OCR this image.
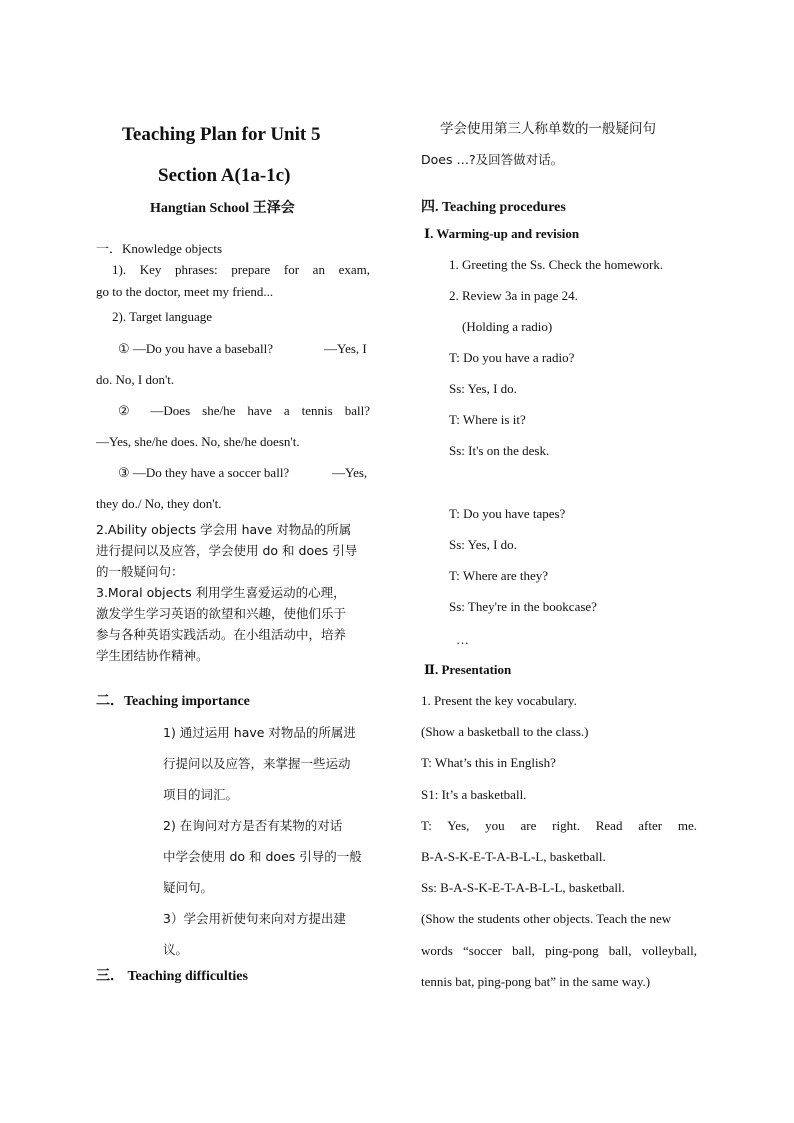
Teaching Plan for Unit 5
Section A(1a-1c)
Hangtian School 王泽会
一．Knowledge objects
1). Key phrases: prepare for an exam,
go to the doctor, meet my friend...
2). Target language
① —Do you have a baseball?	—Yes, I
do. No, I don't.
② —Does she/he have a tennis ball?
—Yes, she/he does. No, she/he doesn't.
③ —Do they have a soccer ball?	—Yes,
they do./ No, they don't.
2.Ability objects 学会用 have 对物品的所属
进行提问以及应答，学会使用 do 和 does 引导
的一般疑问句：
3.Moral objects 利用学生喜爱运动的心理，
激发学生学习英语的欲望和兴趣，使他们乐于
参与各种英语实践活动。在小组活动中，培养
学生团结协作精神。
二．Teaching importance
1) 通过运用 have 对物品的所属进
行提问以及应答，来掌握一些运动
项目的词汇。
2) 在询问对方是否有某物的对话
中学会使用 do 和 does 引导的一般
疑问句。
3）学会用祈使句来向对方提出建
议。
三． Teaching difficulties
学会使用第三人称单数的一般疑问句
Does …?及回答做对话。
四. Teaching procedures
Ⅰ. Warming-up and revision
1. Greeting the Ss. Check the homework.
2. Review 3a in page 24.
(Holding a radio)
T: Do you have a radio?
Ss: Yes, I do.
T: Where is it?
Ss: It's on the desk.
T: Do you have tapes?
Ss: Yes, I do.
T: Where are they?
Ss: They're in the bookcase?
…
Ⅱ. Presentation
1. Present the key vocabulary.
(Show a basketball to the class.)
T: What’s this in English?
S1: It’s a basketball.
T: Yes, you are right. Read after me.
B-A-S-K-E-T-A-B-L-L, basketball.
Ss: B-A-S-K-E-T-A-B-L-L, basketball.
(Show the students other objects. Teach the new
words “soccer ball, ping-pong ball, volleyball,
tennis bat, ping-pong bat” in the same way.)
